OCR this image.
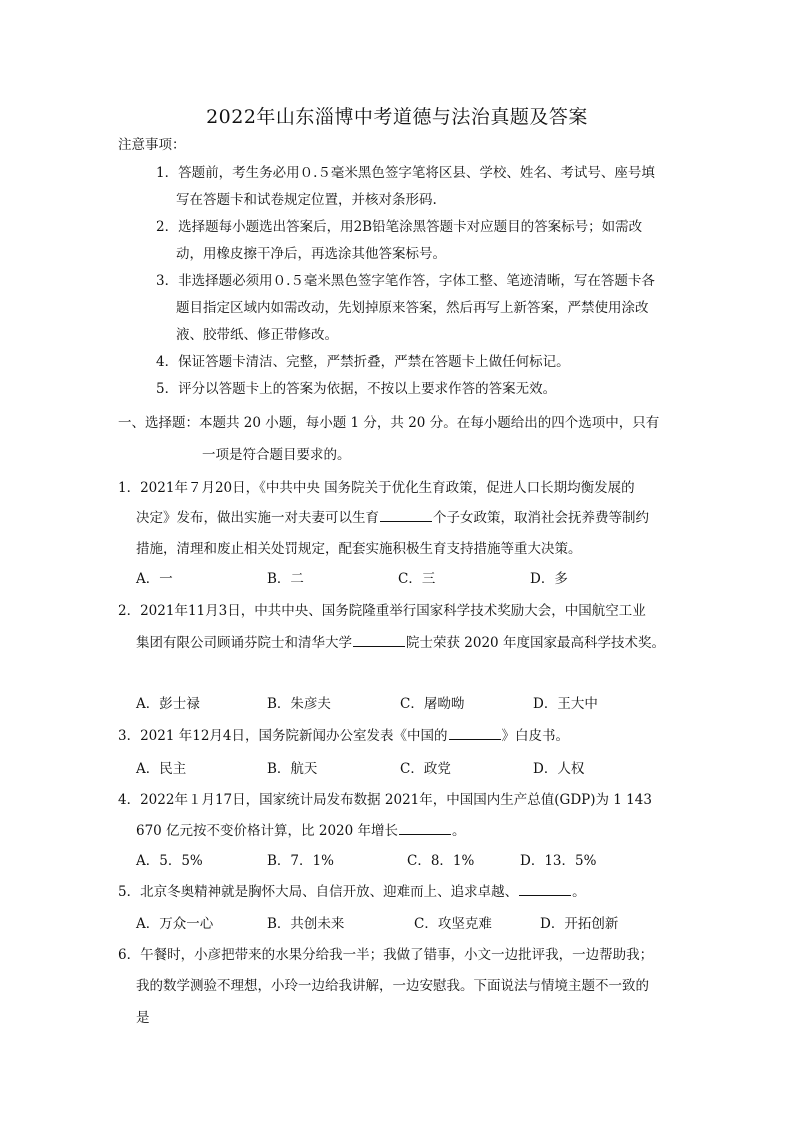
2022年山东淄博中考道德与法治真题及答案
注意事项：
1．答题前，考生务必用０.５毫米黑色签字笔将区县、学校、姓名、考试号、座号填
写在答题卡和试卷规定位置，并核对条形码.
2．选择题每小题选出答案后，用2B铅笔涂黑答题卡对应题目的答案标号；如需改
动，用橡皮擦干净后，再选涂其他答案标号。
3．非选择题必须用０.５毫米黑色签字笔作答，字体工整、笔迹清晰，写在答题卡各
题目指定区域内如需改动，先划掉原来答案，然后再写上新答案，严禁使用涂改
液、胶带纸、修正带修改。
4．保证答题卡清洁、完整，严禁折叠，严禁在答题卡上做任何标记。
5．评分以答题卡上的答案为依据，不按以上要求作答的答案无效。
一、选择题：本题共 20 小题，每小题 1 分，共 20 分。在每小题给出的四个选项中，只有
一项是符合题目要求的。
1．2021年７月20日，《中共中央 国务院关于优化生育政策，促进人口长期均衡发展的
决定》发布，做出实施一对夫妻可以生育	个子女政策，取消社会抚养费等制约
措施，清理和废止相关处罚规定，配套实施积极生育支持措施等重大决策。
A．一	B．二	C．三	D．多
2．2021年11月3日，中共中央、国务院隆重举行国家科学技术奖励大会，中国航空工业
集团有限公司顾诵芬院士和清华大学	院士荣获 2020 年度国家最高科学技术奖。
A．彭士禄	B．朱彦夫	C．屠呦呦	D．王大中
3．2021 年12月4日，国务院新闻办公室发表《中国的	》白皮书。
A．民主	B．航天	C．政党	D．人权
4．2022年１月17日，国家统计局发布数据 2021年，中国国内生产总值(GDP)为 1 143
670 亿元按不变价格计算，比 2020 年增长	。
A．5．5%	B．7．1%	C．8．1%	D．13．5%
5．北京冬奥精神就是胸怀大局、自信开放、迎难而上、追求卓越、	。
A．万众一心	B．共创未来	C．攻坚克难	D．开拓创新
6．午餐时，小彦把带来的水果分给我一半；我做了错事，小文一边批评我，一边帮助我；
我的数学测验不理想，小玲一边给我讲解，一边安慰我。下面说法与情境主题不一致的
是
